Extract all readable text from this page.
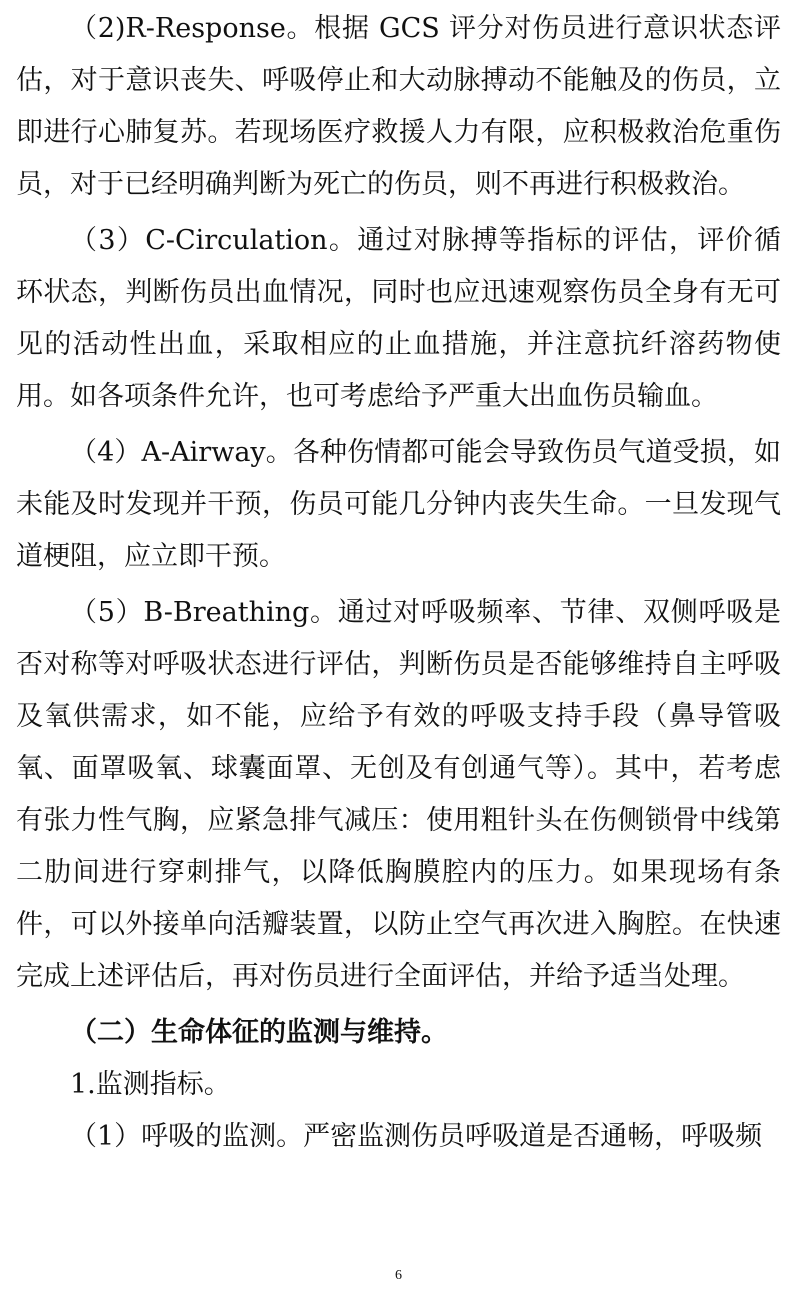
（2)R-Response。根据 GCS 评分对伤员进行意识状态评估，对于意识丧失、呼吸停止和大动脉搏动不能触及的伤员，立即进行心肺复苏。若现场医疗救援人力有限，应积极救治危重伤员，对于已经明确判断为死亡的伤员，则不再进行积极救治。

（3）C-Circulation。通过对脉搏等指标的评估，评价循环状态，判断伤员出血情况，同时也应迅速观察伤员全身有无可见的活动性出血，采取相应的止血措施，并注意抗纤溶药物使用。如各项条件允许，也可考虑给予严重大出血伤员输血。

（4）A-Airway。各种伤情都可能会导致伤员气道受损，如未能及时发现并干预，伤员可能几分钟内丧失生命。一旦发现气道梗阻，应立即干预。

（5）B-Breathing。通过对呼吸频率、节律、双侧呼吸是否对称等对呼吸状态进行评估，判断伤员是否能够维持自主呼吸及氧供需求，如不能，应给予有效的呼吸支持手段（鼻导管吸氧、面罩吸氧、球囊面罩、无创及有创通气等）。其中，若考虑有张力性气胸，应紧急排气减压：使用粗针头在伤侧锁骨中线第二肋间进行穿刺排气，以降低胸膜腔内的压力。如果现场有条件，可以外接单向活瓣装置，以防止空气再次进入胸腔。在快速完成上述评估后，再对伤员进行全面评估，并给予适当处理。

（二）生命体征的监测与维持。

1.监测指标。

（1）呼吸的监测。严密监测伤员呼吸道是否通畅，呼吸频

6
